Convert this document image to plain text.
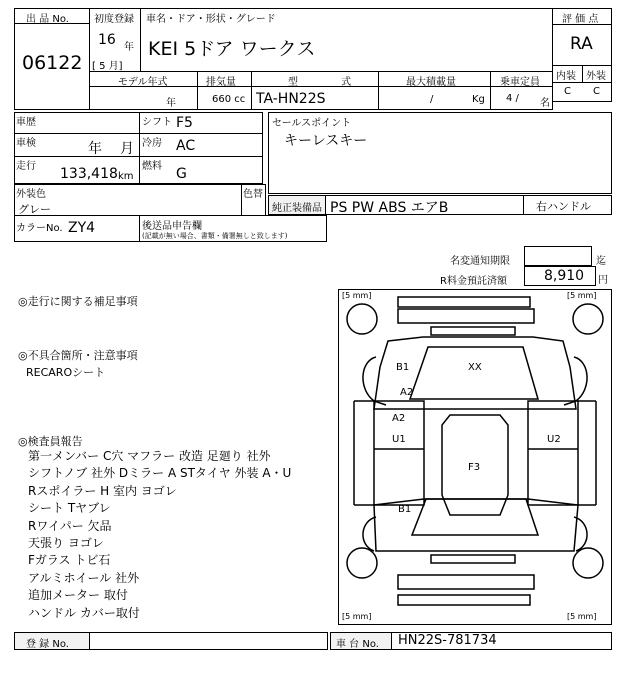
出 品 No.
06122
初度登録
16 年
[ 5 月]
車名・ドア・形状・グレード
KEI 5ドア ワークス
評 価 点
RA
内装 外装
C C
モデル年式
年
排気量
660 cc
型 式
TA-HN22S
最大積載量
/	Kg
乗車定員
4 / 名
車歴	シフト F5
車検	年 月 冷房 AC
走行 133,418 km
燃料 G
セールスポイント
キーレスキー
外装色
グレー
色替
純正装備品 PS PW ABS エアB	右ハンドル
カラーNo. ZY4	後送品申告欄
(記載が無い場合、書類・備署無しと致します)
名変通知期限	迄
R料金預託済額	8,910 円
◎走行に関する補足事項
◎不具合箇所・注意事項
RECAROシート
◎検査員報告
第一メンバー C穴 マフラー 改造 足廻り 社外
シフトノブ 社外 Dミラー A STタイヤ 外装 A・U
Rスポイラー H 室内 ヨゴレ
シート Tヤブレ
Rワイパー 欠品
天張り ヨゴレ
Fガラス トビ石
アルミホイール 社外
追加メーター 取付
ハンドル カバー取付
[5 mm]	[5 mm]
[5 mm]	[5 mm]
B1	XX
A2
A2
U1	U2
F3
B1
登 録 No.	車 台 No. HN22S-781734
